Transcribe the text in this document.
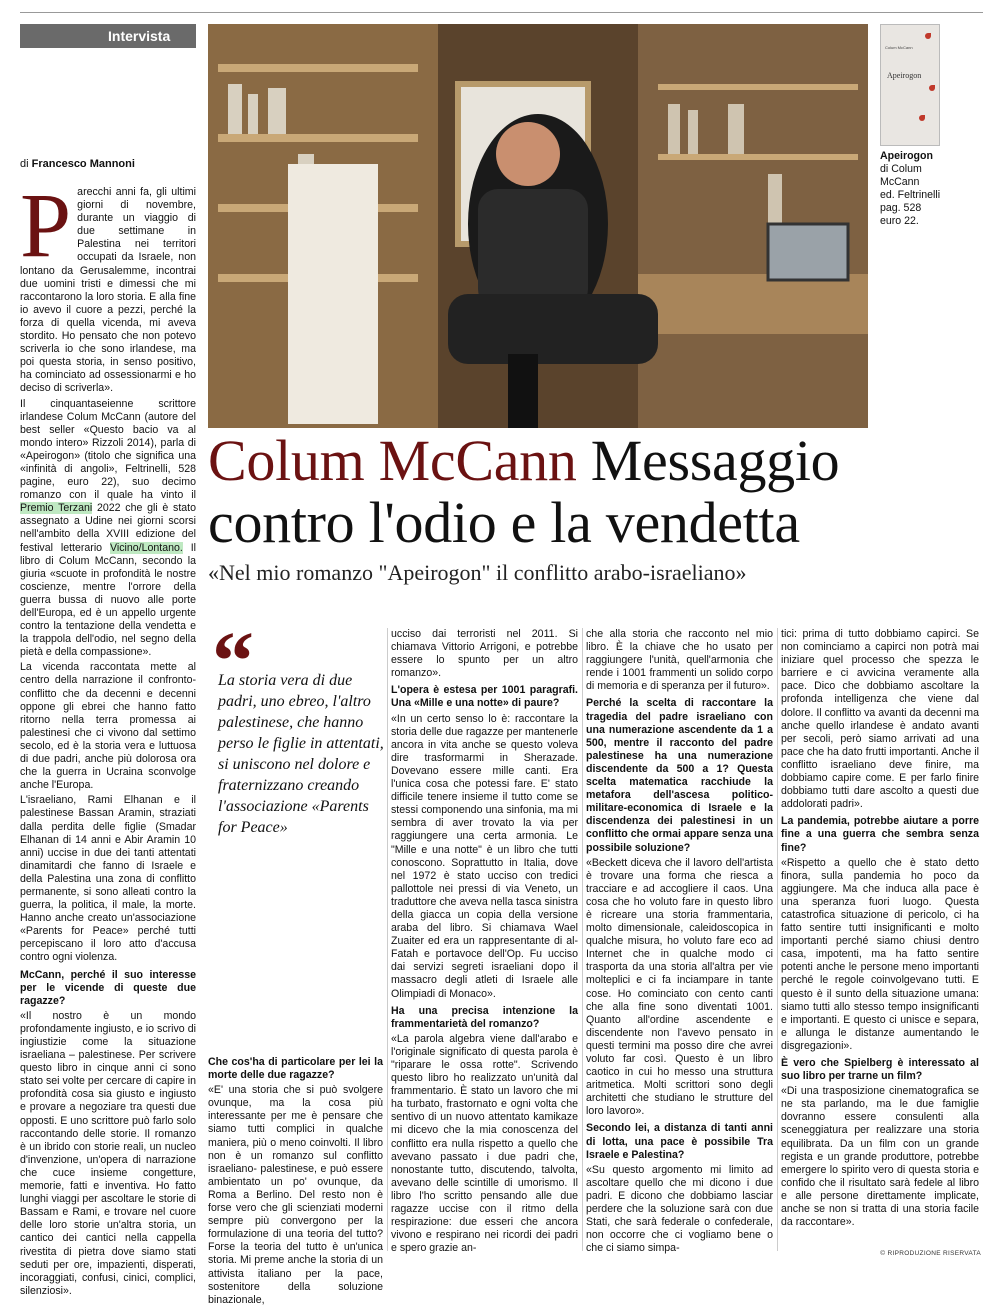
Intervista
di Francesco Mannoni
P arecchi anni fa, gli ultimi giorni di novembre, durante un viaggio di due settimane in Palestina nei territori occupati da Israele, non lontano da Gerusalemme, incontrai due uomini tristi e dimessi che mi raccontarono la loro storia. E alla fine io avevo il cuore a pezzi, perché la forza di quella vicenda, mi aveva stordito. Ho pensato che non potevo scriverla io che sono irlandese, ma poi questa storia, in senso positivo, ha cominciato ad ossessionarmi e ho deciso di scriverla».

Il cinquantaseienne scrittore irlandese Colum McCann (autore del best seller «Questo bacio va al mondo intero» Rizzoli 2014), parla di «Apeirogon» (titolo che significa una «infinità di angoli», Feltrinelli, 528 pagine, euro 22), suo decimo romanzo con il quale ha vinto il Premio Terzani 2022 che gli è stato assegnato a Udine nei giorni scorsi nell'ambito della XVIII edizione del festival letterario Vicino/Lontano. Il libro di Colum McCann, secondo la giuria «scuote in profondità le nostre coscienze, mentre l'orrore della guerra bussa di nuovo alle porte dell'Europa, ed è un appello urgente contro la tentazione della vendetta e la trappola dell'odio, nel segno della pietà e della compassione».

La vicenda raccontata mette al centro della narrazione il confronto-conflitto che da decenni e decenni oppone gli ebrei che hanno fatto ritorno nella terra promessa ai palestinesi che ci vivono dal settimo secolo, ed è la storia vera e luttuosa di due padri, anche più dolorosa ora che la guerra in Ucraina sconvolge anche l'Europa.

L'israeliano, Rami Elhanan e il palestinese Bassan Aramin, straziati dalla perdita delle figlie (Smadar Elhanan di 14 anni e Abir Aramin 10 anni) uccise in due dei tanti attentati dinamitardi che fanno di Israele e della Palestina una zona di conflitto permanente, si sono alleati contro la guerra, la politica, il male, la morte. Hanno anche creato un'associazione «Parents for Peace» perché tutti percepiscano il loro atto d'accusa contro ogni violenza.

McCann, perché il suo interesse per le vicende di queste due ragazze?

«Il nostro è un mondo profondamente ingiusto, e io scrivo di ingiustizie come la situazione israeliana – palestinese. Per scrivere questo libro in cinque anni ci sono stato sei volte per cercare di capire in profondità cosa sia giusto e ingiusto e provare a negoziare tra questi due opposti. E uno scrittore può farlo solo raccontando delle storie. Il romanzo è un ibrido con storie reali, un nucleo d'invenzione, un'opera di narrazione che cuce insieme congetture, memorie, fatti e inventiva. Ho fatto lunghi viaggi per ascoltare le storie di Bassam e Rami, e trovare nel cuore delle loro storie un'altra storia, un cantico dei cantici nella cappella rivestita di pietra dove siamo stati seduti per ore, impazienti, disperati, incoraggiati, confusi, cinici, complici, silenziosi».

Colum McCann
Apeirogon
Apeirogon
di Colum
McCann
ed. Feltrinelli
pag. 528
euro 22.
Colum McCann Messaggio
contro l'odio e la vendetta
«Nel mio romanzo "Apeirogon" il conflitto arabo-israeliano»
“
La storia vera di due padri, uno ebreo, l'altro palestinese, che hanno perso le figlie in attentati, si uniscono nel dolore e fraternizzano creando l'associazione «Parents for Peace»

Che cos'ha di particolare per lei la morte delle due ragazze?

«E' una storia che si può svolgere ovunque, ma la cosa più interessante per me è pensare che siamo tutti complici in qualche maniera, più o meno coinvolti. Il libro non è un romanzo sul conflitto israeliano- palestinese, e può essere ambientato un po' ovunque, da Roma a Berlino. Del resto non è forse vero che gli scienziati moderni sempre più convergono per la formulazione di una teoria del tutto? Forse la teoria del tutto è un'unica storia. Mi preme anche la storia di un attivista italiano per la pace, sostenitore della soluzione binazionale,

ucciso dai terroristi nel 2011. Si chiamava Vittorio Arrigoni, e potrebbe essere lo spunto per un altro romanzo».

L'opera è estesa per 1001 paragrafi. Una «Mille e una notte» di paure?

«In un certo senso lo è: raccontare la storia delle due ragazze per mantenerle ancora in vita anche se questo voleva dire trasformarmi in Sherazade. Dovevano essere mille canti. Era l'unica cosa che potessi fare. E' stato difficile tenere insieme il tutto come se stessi componendo una sinfonia, ma mi sembra di aver trovato la via per raggiungere una certa armonia. Le "Mille e una notte" è un libro che tutti conoscono. Soprattutto in Italia, dove nel 1972 è stato ucciso con tredici pallottole nei pressi di via Veneto, un traduttore che aveva nella tasca sinistra della giacca un copia della versione araba del libro. Si chiamava Wael Zuaiter ed era un rappresentante di al-Fatah e portavoce dell'Op. Fu ucciso dai servizi segreti israeliani dopo il massacro degli atleti di Israele alle Olimpiadi di Monaco».

Ha una precisa intenzione la frammentarietà del romanzo?

«La parola algebra viene dall'arabo e l'originale significato di questa parola è "riparare le ossa rotte". Scrivendo questo libro ho realizzato un'unità dal frammentario. È stato un lavoro che mi ha turbato, frastornato e ogni volta che sentivo di un nuovo attentato kamikaze mi dicevo che la mia conoscenza del conflitto era nulla rispetto a quello che avevano passato i due padri che, nonostante tutto, discutendo, talvolta, avevano delle scintille di umorismo. Il libro l'ho scritto pensando alle due ragazze uccise con il ritmo della respirazione: due esseri che ancora vivono e respirano nei ricordi dei padri e spero grazie an-

che alla storia che racconto nel mio libro. È la chiave che ho usato per raggiungere l'unità, quell'armonia che rende i 1001 frammenti un solido corpo di memoria e di speranza per il futuro».

Perché la scelta di raccontare la tragedia del padre israeliano con una numerazione ascendente da 1 a 500, mentre il racconto del padre palestinese ha una numerazione discendente da 500 a 1? Questa scelta matematica racchiude la metafora dell'ascesa politico-militare-economica di Israele e la discendenza dei palestinesi in un conflitto che ormai appare senza una possibile soluzione?

«Beckett diceva che il lavoro dell'artista è trovare una forma che riesca a tracciare e ad accogliere il caos. Una cosa che ho voluto fare in questo libro è ricreare una storia frammentaria, molto dimensionale, caleidoscopica in qualche misura, ho voluto fare eco ad Internet che in qualche modo ci trasporta da una storia all'altra per vie molteplici e ci fa inciampare in tante cose. Ho cominciato con cento canti che alla fine sono diventati 1001. Quanto all'ordine ascendente e discendente non l'avevo pensato in questi termini ma posso dire che avrei voluto far così. Questo è un libro caotico in cui ho messo una struttura aritmetica. Molti scrittori sono degli architetti che studiano le strutture del loro lavoro».

Secondo lei, a distanza di tanti anni di lotta, una pace è possibile Tra Israele e Palestina?

«Su questo argomento mi limito ad ascoltare quello che mi dicono i due padri. E dicono che dobbiamo lasciar perdere che la soluzione sarà con due Stati, che sarà federale o confederale, non occorre che ci vogliamo bene o che ci siamo simpa-

tici: prima di tutto dobbiamo capirci. Se non cominciamo a capirci non potrà mai iniziare quel processo che spezza le barriere e ci avvicina veramente alla pace. Dico che dobbiamo ascoltare la profonda intelligenza che viene dal dolore. Il conflitto va avanti da decenni ma anche quello irlandese è andato avanti per secoli, però siamo arrivati ad una pace che ha dato frutti importanti. Anche il conflitto israeliano deve finire, ma dobbiamo capire come. E per farlo finire dobbiamo tutti dare ascolto a questi due addolorati padri».

La pandemia, potrebbe aiutare a porre fine a una guerra che sembra senza fine?

«Rispetto a quello che è stato detto finora, sulla pandemia ho poco da aggiungere. Ma che induca alla pace è una speranza fuori luogo. Questa catastrofica situazione di pericolo, ci ha fatto sentire tutti insignificanti e molto importanti perché siamo chiusi dentro casa, impotenti, ma ha fatto sentire potenti anche le persone meno importanti perché le regole coinvolgevano tutti. E questo è il sunto della situazione umana: siamo tutti allo stesso tempo insignificanti e importanti. E questo ci unisce e separa, e allunga le distanze aumentando le disgregazioni».

È vero che Spielberg è interessato al suo libro per trarne un film?

«Di una trasposizione cinematografica se ne sta parlando, ma le due famiglie dovranno essere consulenti alla sceneggiatura per realizzare una storia equilibrata. Da un film con un grande regista e un grande produttore, potrebbe emergere lo spirito vero di questa storia e confido che il risultato sarà fedele al libro e alle persone direttamente implicate, anche se non si tratta di una storia facile da raccontare».

© RIPRODUZIONE RISERVATA
